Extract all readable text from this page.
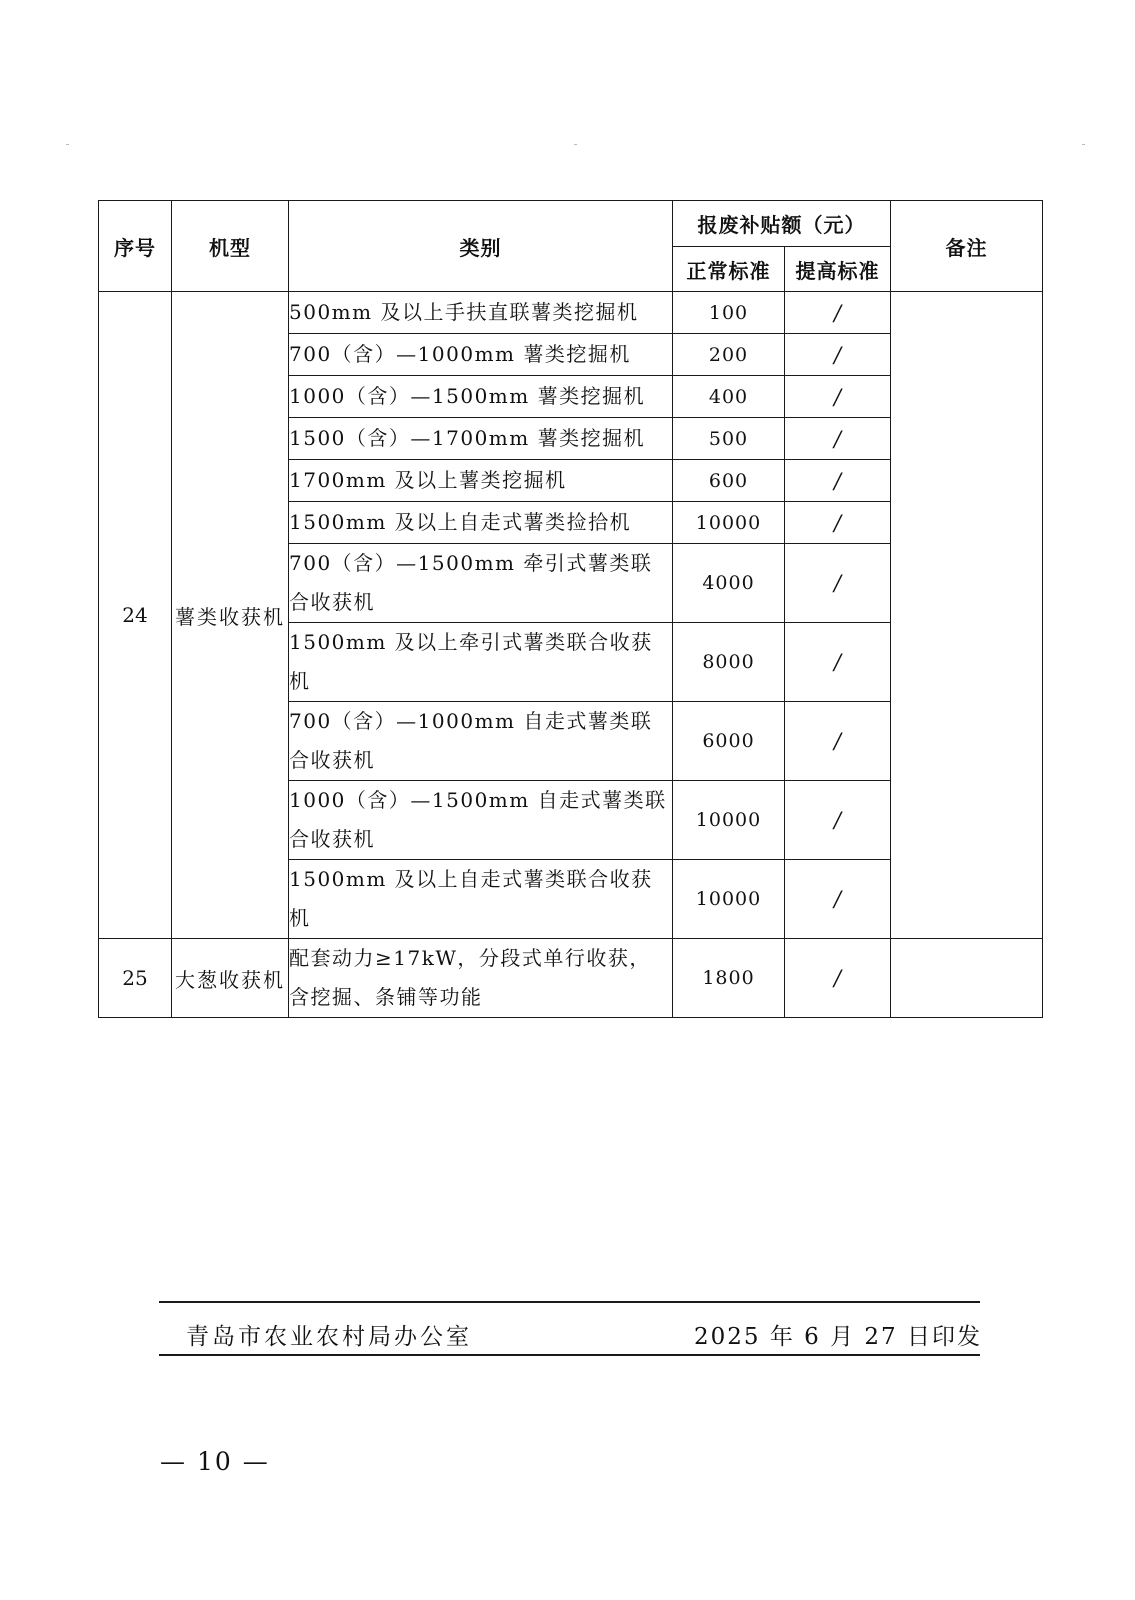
序号	机型	类别	报废补贴额（元）		备注
			正常标准	提高标准	
24	薯类收获机	500mm 及以上手扶直联薯类挖掘机	100	/	
		700（含）—1000mm 薯类挖掘机	200	/	
		1000（含）—1500mm 薯类挖掘机	400	/	
		1500（含）—1700mm 薯类挖掘机	500	/	
		1700mm 及以上薯类挖掘机	600	/	
		1500mm 及以上自走式薯类捡拾机	10000	/	
		700（含）—1500mm 牵引式薯类联合收获机	4000	/	
		1500mm 及以上牵引式薯类联合收获机	8000	/	
		700（含）—1000mm 自走式薯类联合收获机	6000	/	
		1000（含）—1500mm 自走式薯类联合收获机	10000	/	
		1500mm 及以上自走式薯类联合收获机	10000	/	
25	大葱收获机	配套动力≥17kW，分段式单行收获，含挖掘、条铺等功能	1800	/	
青岛市农业农村局办公室	2025 年 6 月 27 日印发
— 10 —
